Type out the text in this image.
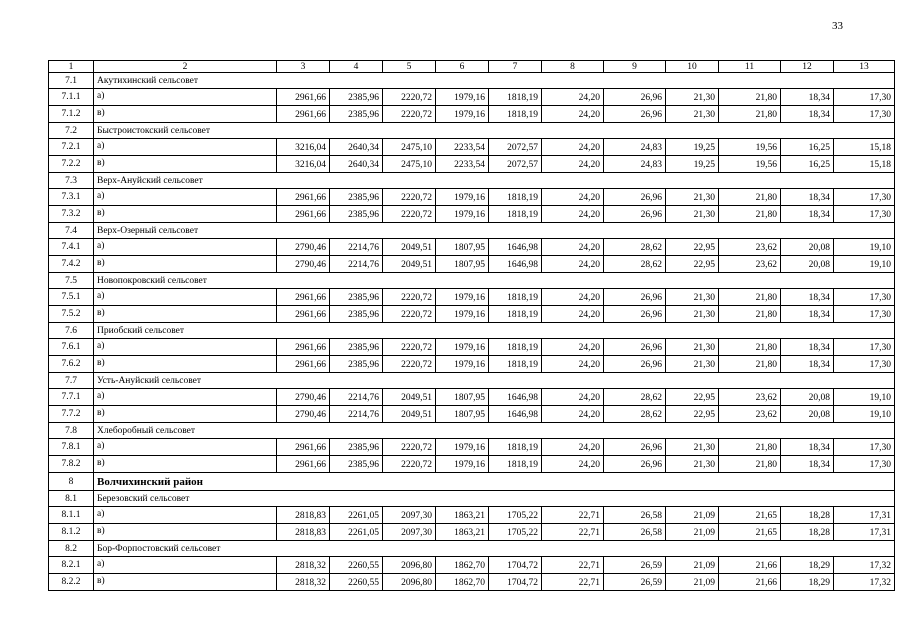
33
1	2	3	4	5	6	7	8	9	10	11	12	13
7.1	Акутихинский сельсовет											
7.1.1	а)	2961,66	2385,96	2220,72	1979,16	1818,19	24,20	26,96	21,30	21,80	18,34	17,30
7.1.2	в)	2961,66	2385,96	2220,72	1979,16	1818,19	24,20	26,96	21,30	21,80	18,34	17,30
7.2	Быстроистокский сельсовет											
7.2.1	а)	3216,04	2640,34	2475,10	2233,54	2072,57	24,20	24,83	19,25	19,56	16,25	15,18
7.2.2	в)	3216,04	2640,34	2475,10	2233,54	2072,57	24,20	24,83	19,25	19,56	16,25	15,18
7.3	Верх-Ануйский сельсовет											
7.3.1	а)	2961,66	2385,96	2220,72	1979,16	1818,19	24,20	26,96	21,30	21,80	18,34	17,30
7.3.2	в)	2961,66	2385,96	2220,72	1979,16	1818,19	24,20	26,96	21,30	21,80	18,34	17,30
7.4	Верх-Озерный сельсовет											
7.4.1	а)	2790,46	2214,76	2049,51	1807,95	1646,98	24,20	28,62	22,95	23,62	20,08	19,10
7.4.2	в)	2790,46	2214,76	2049,51	1807,95	1646,98	24,20	28,62	22,95	23,62	20,08	19,10
7.5	Новопокровский сельсовет											
7.5.1	а)	2961,66	2385,96	2220,72	1979,16	1818,19	24,20	26,96	21,30	21,80	18,34	17,30
7.5.2	в)	2961,66	2385,96	2220,72	1979,16	1818,19	24,20	26,96	21,30	21,80	18,34	17,30
7.6	Приобский сельсовет											
7.6.1	а)	2961,66	2385,96	2220,72	1979,16	1818,19	24,20	26,96	21,30	21,80	18,34	17,30
7.6.2	в)	2961,66	2385,96	2220,72	1979,16	1818,19	24,20	26,96	21,30	21,80	18,34	17,30
7.7	Усть-Ануйский сельсовет											
7.7.1	а)	2790,46	2214,76	2049,51	1807,95	1646,98	24,20	28,62	22,95	23,62	20,08	19,10
7.7.2	в)	2790,46	2214,76	2049,51	1807,95	1646,98	24,20	28,62	22,95	23,62	20,08	19,10
7.8	Хлеборобный сельсовет											
7.8.1	а)	2961,66	2385,96	2220,72	1979,16	1818,19	24,20	26,96	21,30	21,80	18,34	17,30
7.8.2	в)	2961,66	2385,96	2220,72	1979,16	1818,19	24,20	26,96	21,30	21,80	18,34	17,30
8	Волчихинский район											
8.1	Березовский сельсовет											
8.1.1	а)	2818,83	2261,05	2097,30	1863,21	1705,22	22,71	26,58	21,09	21,65	18,28	17,31
8.1.2	в)	2818,83	2261,05	2097,30	1863,21	1705,22	22,71	26,58	21,09	21,65	18,28	17,31
8.2	Бор-Форпостовский сельсовет											
8.2.1	а)	2818,32	2260,55	2096,80	1862,70	1704,72	22,71	26,59	21,09	21,66	18,29	17,32
8.2.2	в)	2818,32	2260,55	2096,80	1862,70	1704,72	22,71	26,59	21,09	21,66	18,29	17,32
